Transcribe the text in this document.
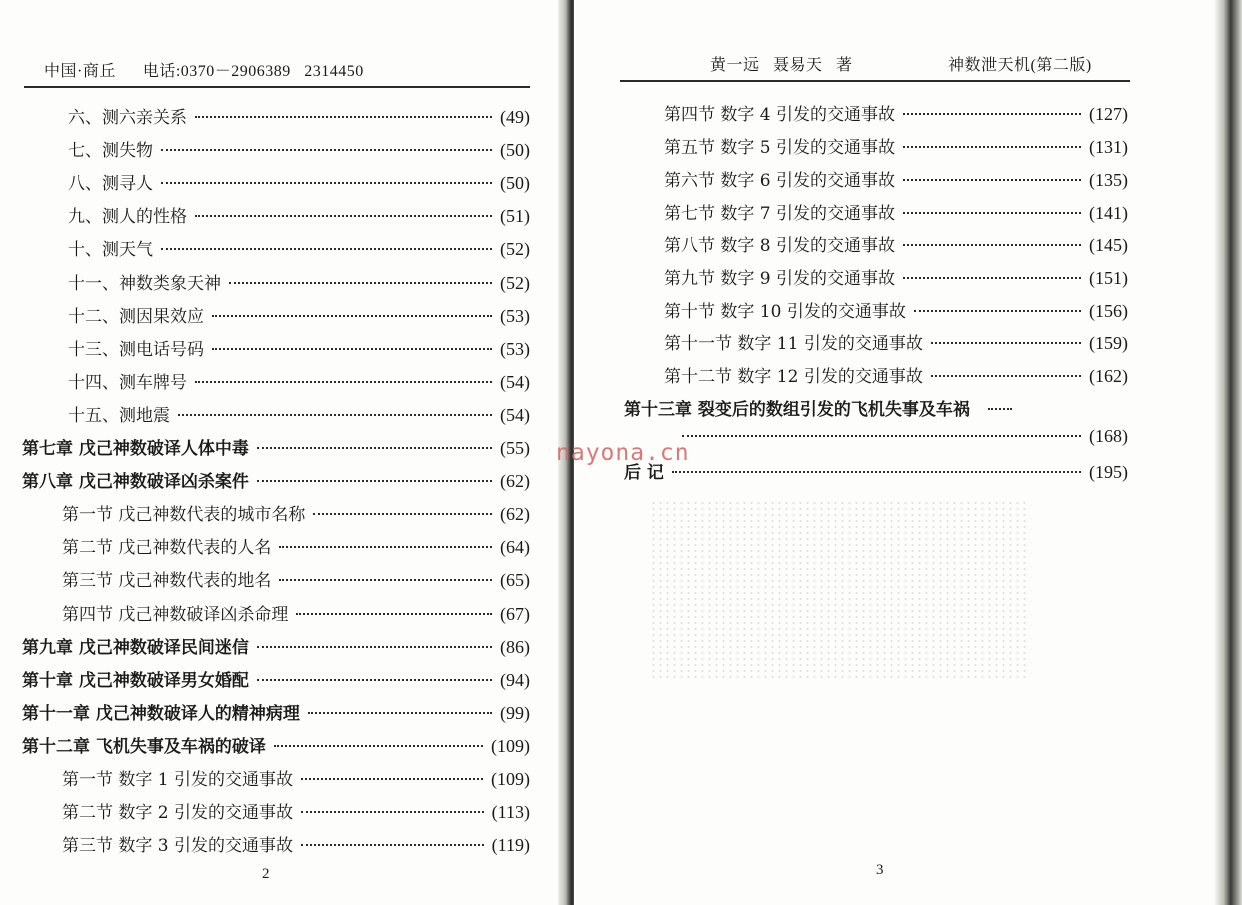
中国·商丘      电话:0370－2906389   2314450
六、测六亲关系	(49)
七、测失物	(50)
八、测寻人	(50)
九、测人的性格	(51)
十、测天气	(52)
十一、神数类象天神	(52)
十二、测因果效应	(53)
十三、测电话号码	(53)
十四、测车牌号	(54)
十五、测地震	(54)
第七章 戊己神数破译人体中毒	(55)
第八章 戊己神数破译凶杀案件	(62)
第一节 戊己神数代表的城市名称	(62)
第二节 戊己神数代表的人名	(64)
第三节 戊己神数代表的地名	(65)
第四节 戊己神数破译凶杀命理	(67)
第九章 戊己神数破译民间迷信	(86)
第十章 戊己神数破译男女婚配	(94)
第十一章 戊己神数破译人的精神病理	(99)
第十二章 飞机失事及车祸的破译	(109)
第一节 数字 1 引发的交通事故	(109)
第二节 数字 2 引发的交通事故	(113)
第三节 数字 3 引发的交通事故	(119)
2
黄一远   聂易天   著	神数泄天机(第二版)
第四节 数字 4 引发的交通事故	(127)
第五节 数字 5 引发的交通事故	(131)
第六节 数字 6 引发的交通事故	(135)
第七节 数字 7 引发的交通事故	(141)
第八节 数字 8 引发的交通事故	(145)
第九节 数字 9 引发的交通事故	(151)
第十节 数字 10 引发的交通事故	(156)
第十一节 数字 11 引发的交通事故	(159)
第十二节 数字 12 引发的交通事故	(162)
第十三章 裂变后的数组引发的飞机失事及车祸
(168)
后 记	(195)
3
nayona.cn
